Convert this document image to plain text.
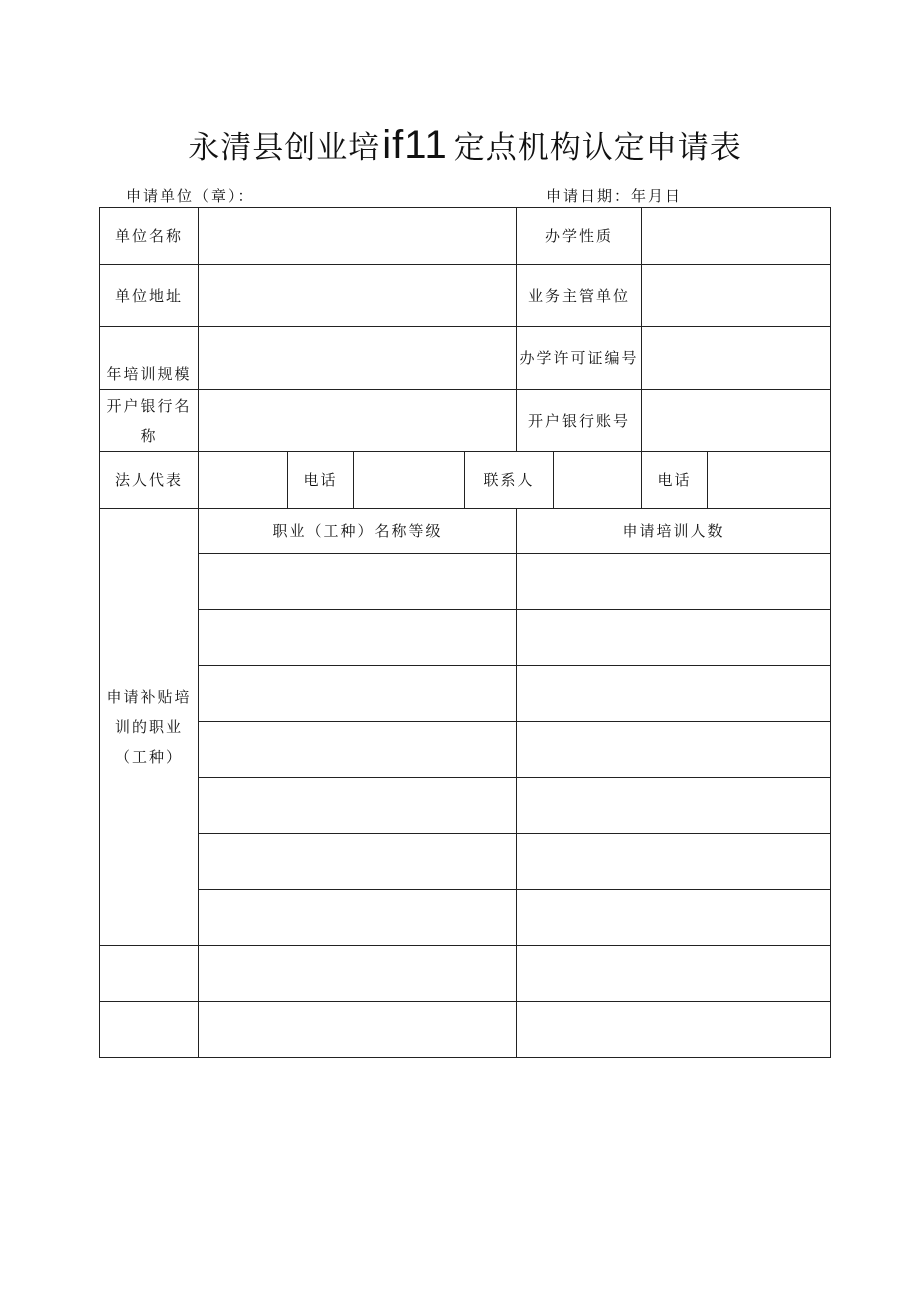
永清县创业培if11 定点机构认定申请表
申请单位（章）：	申请日期：年月日
单位名称					办学性质			
单位地址					业务主管单位			
年培训规模					办学许可证编号			
开户银行名称					开户银行账号			
法人代表		电话		联系人			电话	
申请补贴培训的职业（工种）	职业（工种）名称等级				申请培训人数			
